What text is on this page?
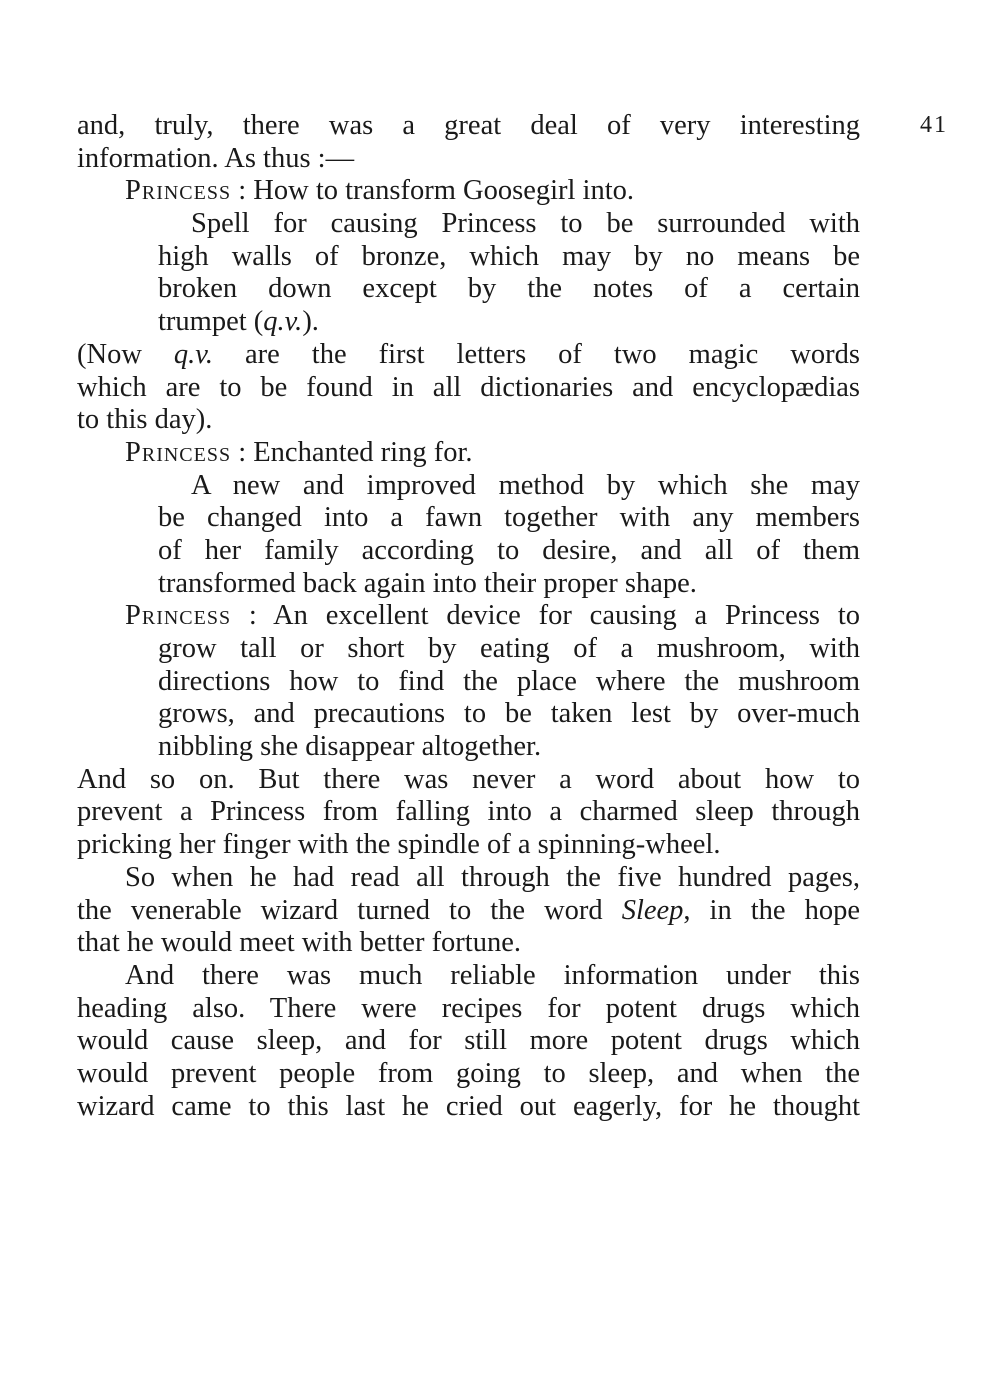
41
and, truly, there was a great deal of very interesting
information. As thus :—
Princess : How to transform Goosegirl into.
Spell for causing Princess to be surrounded with
high walls of bronze, which may by no means be
broken down except by the notes of a certain
trumpet (q.v.).
(Now q.v. are the first letters of two magic words
which are to be found in all dictionaries and encyclopædias
to this day).
Princess : Enchanted ring for.
A new and improved method by which she may
be changed into a fawn together with any members
of her family according to desire, and all of them
transformed back again into their proper shape.
Princess : An excellent device for causing a Princess to
grow tall or short by eating of a mushroom, with
directions how to find the place where the mushroom
grows, and precautions to be taken lest by over-much
nibbling she disappear altogether.
And so on. But there was never a word about how to
prevent a Princess from falling into a charmed sleep through
pricking her finger with the spindle of a spinning-wheel.
So when he had read all through the five hundred pages,
the venerable wizard turned to the word Sleep, in the hope
that he would meet with better fortune.
And there was much reliable information under this
heading also. There were recipes for potent drugs which
would cause sleep, and for still more potent drugs which
would prevent people from going to sleep, and when the
wizard came to this last he cried out eagerly, for he thought
